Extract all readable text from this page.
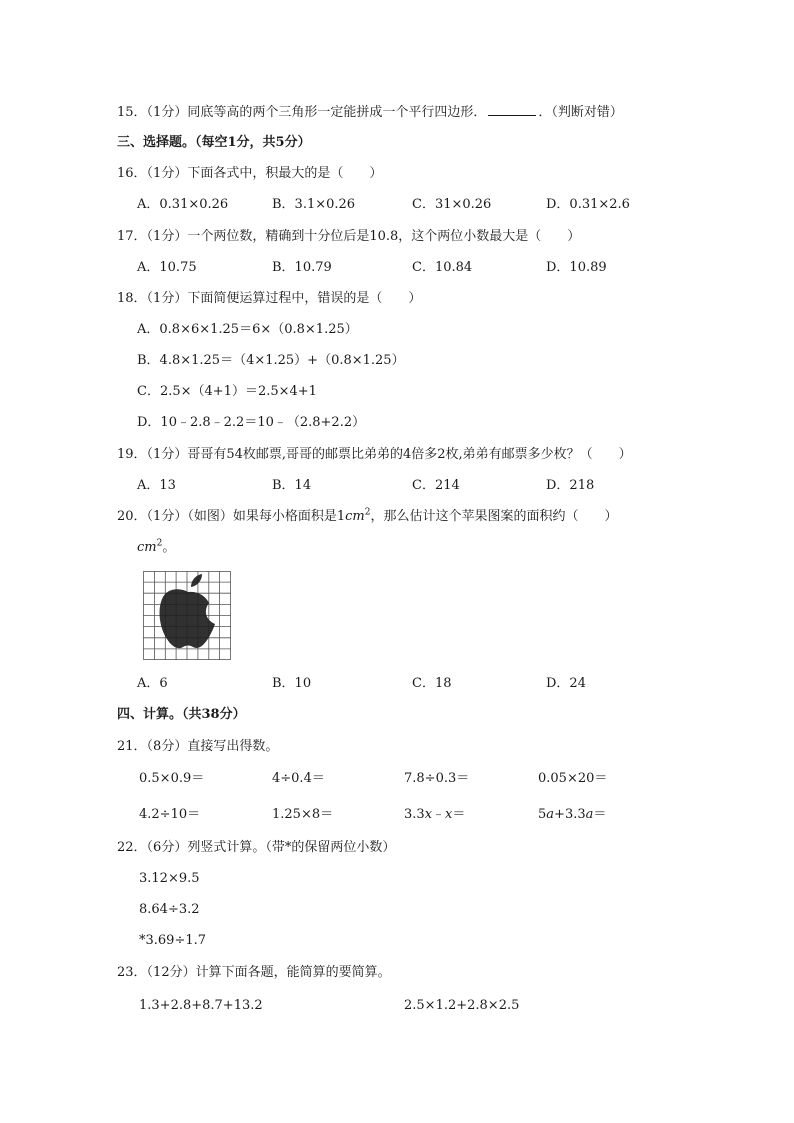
15．（1分）同底等高的两个三角形一定能拼成一个平行四边形．	．（判断对错）
三、选择题。（每空1分，共5分）
16．（1分）下面各式中，积最大的是（　　）
A．0.31×0.26	B．3.1×0.26	C．31×0.26	D．0.31×2.6
17．（1分）一个两位数，精确到十分位后是10.8，这个两位小数最大是（　　）
A．10.75	B．10.79	C．10.84	D．10.89
18．（1分）下面简便运算过程中，错误的是（　　）
A．0.8×6×1.25＝6×（0.8×1.25）
B．4.8×1.25＝（4×1.25）+（0.8×1.25）
C．2.5×（4+1）＝2.5×4+1
D．10﹣2.8﹣2.2＝10﹣（2.8+2.2）
19．（1分）哥哥有54枚邮票,哥哥的邮票比弟弟的4倍多2枚,弟弟有邮票多少枚？（　　）
A．13	B．14	C．214	D．218
20．（1分）（如图）如果每小格面积是$1cm^2$，那么估计这个苹果图案的面积约（　　）
$cm^2$。
A．6	B．10	C．18	D．24
四、计算。（共38分）
21．（8分）直接写出得数。
0.5×0.9＝	4÷0.4＝	7.8÷0.3＝	0.05×20＝
4.2÷10＝	1.25×8＝	3.3x﹣x＝	5a+3.3a＝
22．（6分）列竖式计算。（带*的保留两位小数）
3.12×9.5
8.64÷3.2
*3.69÷1.7
23．（12分）计算下面各题，能简算的要简算。
1.3+2.8+8.7+13.2	2.5×1.2+2.8×2.5
